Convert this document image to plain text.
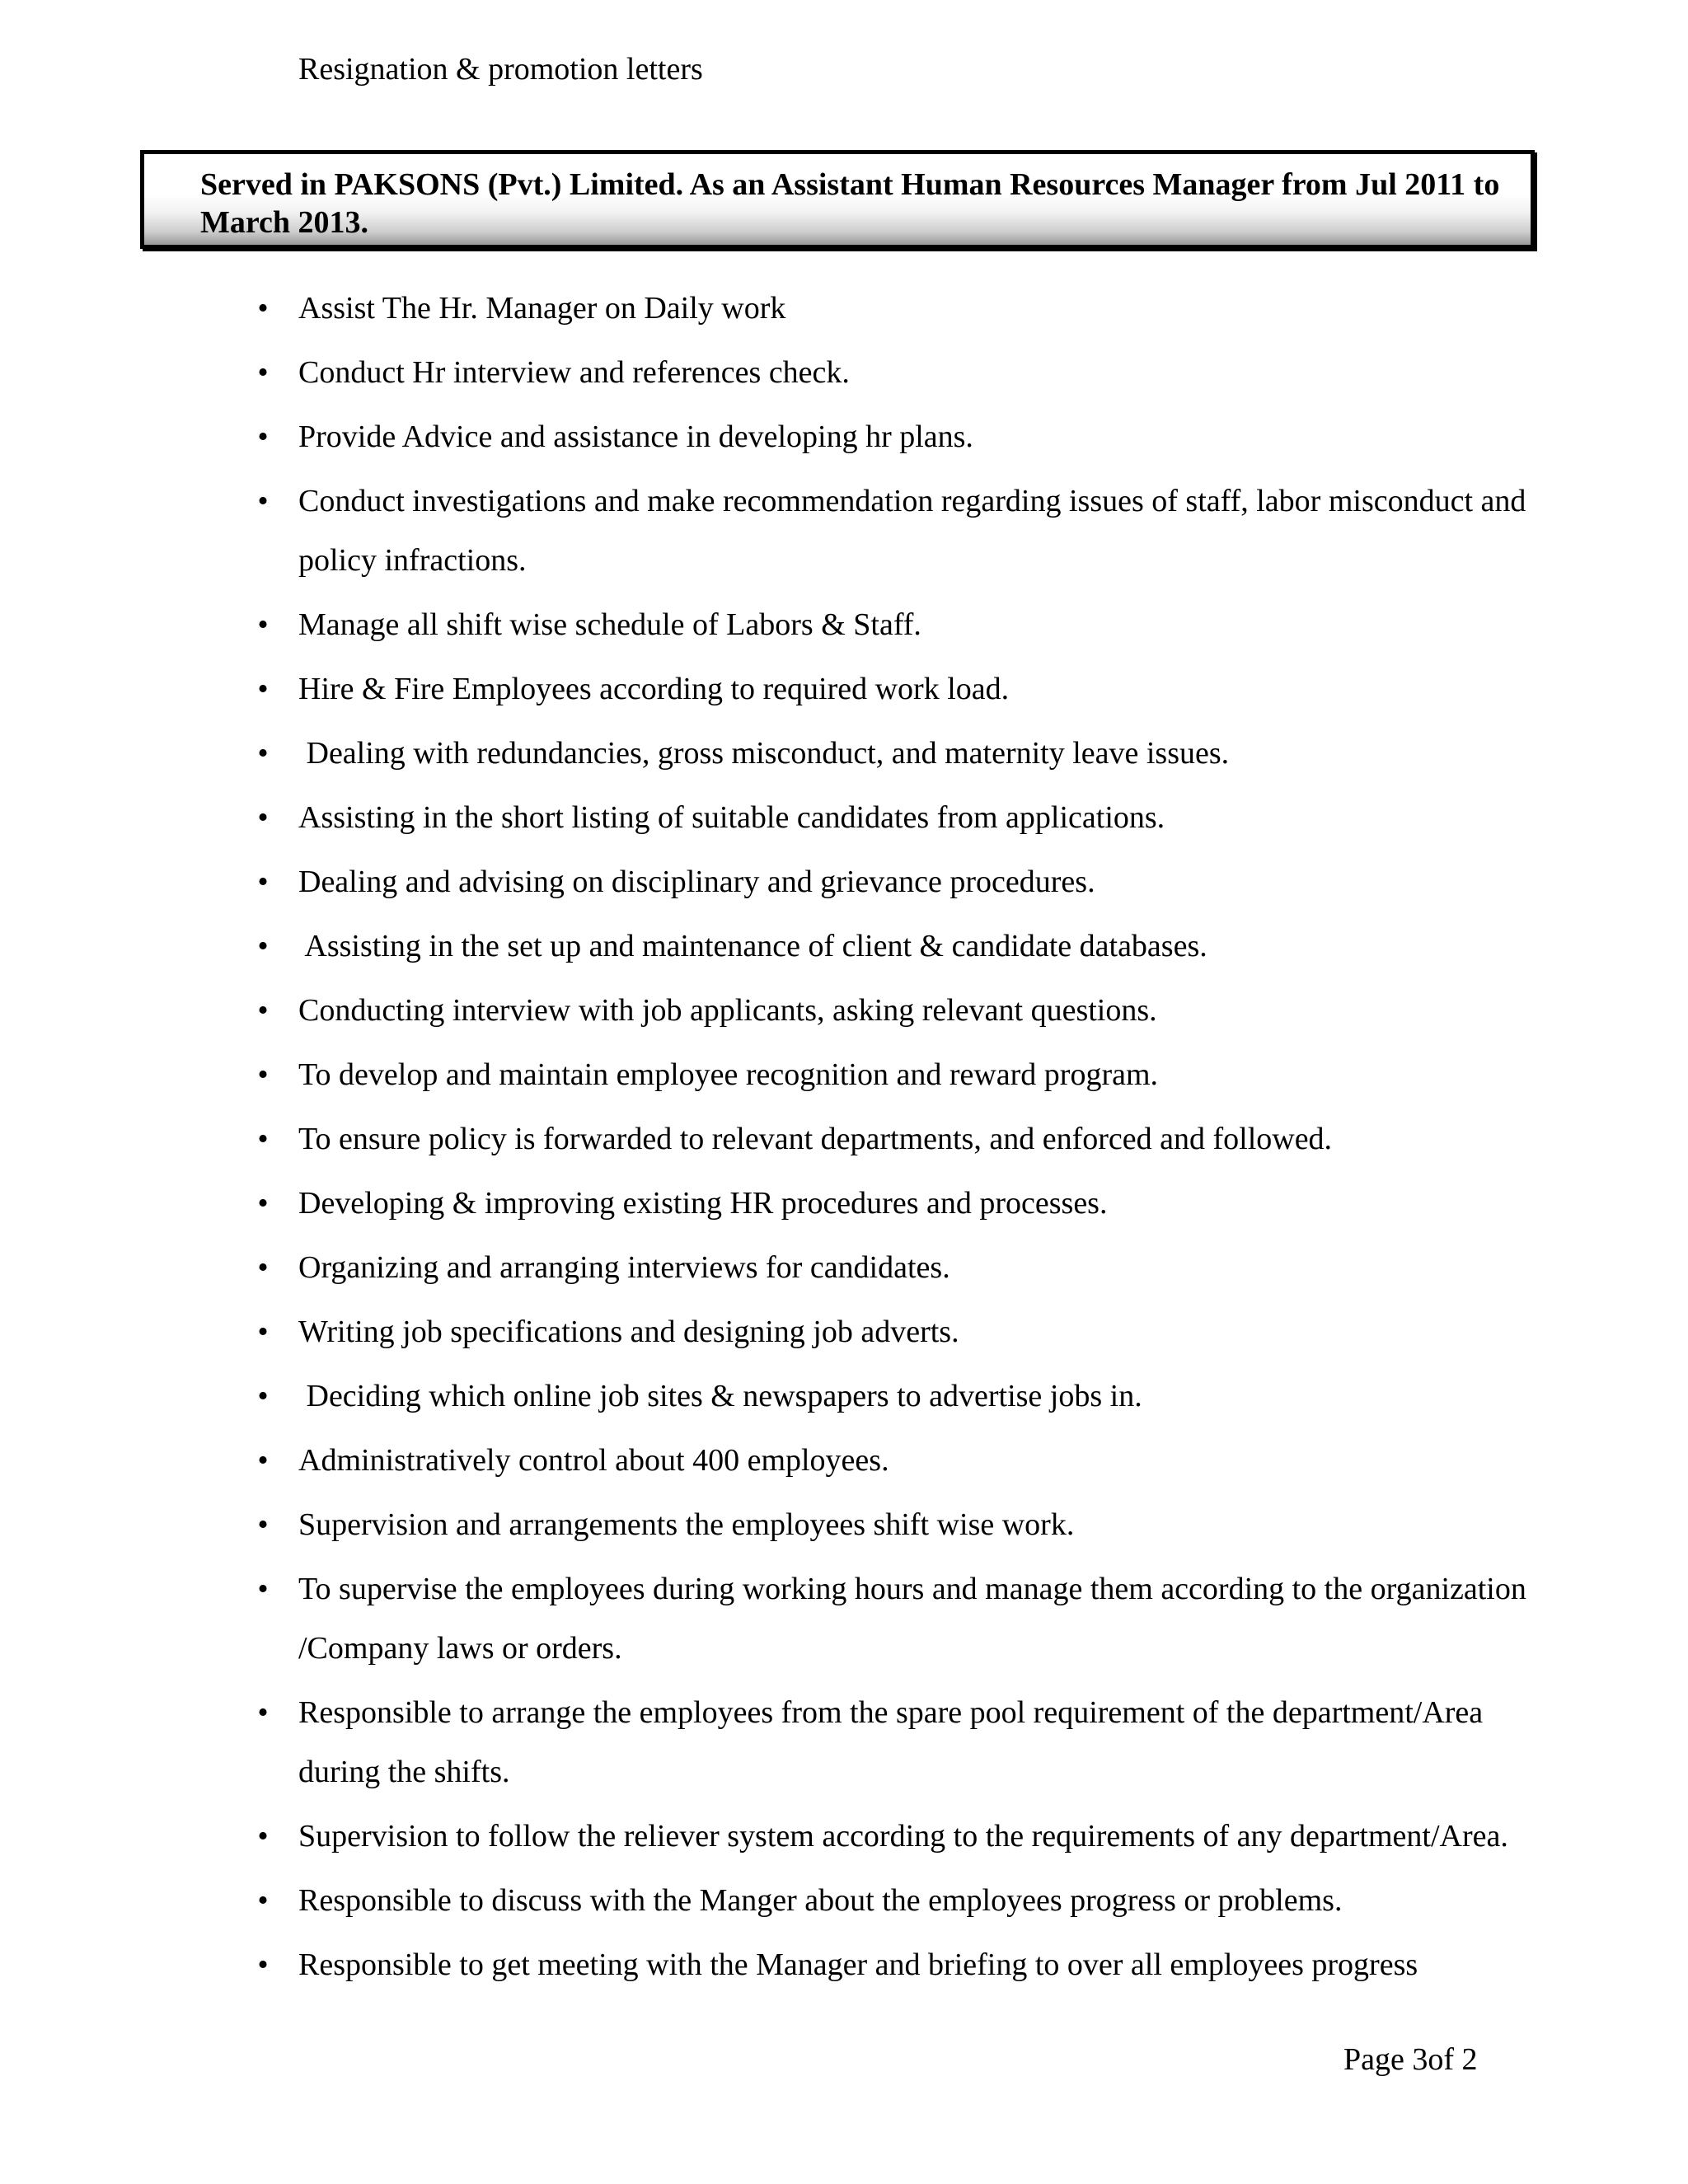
Resignation & promotion letters
Served in PAKSONS (Pvt.) Limited. As an Assistant Human Resources Manager from Jul 2011 to March 2013.
• Assist The Hr. Manager on Daily work
• Conduct Hr interview and references check.
• Provide Advice and assistance in developing hr plans.
• Conduct investigations and make recommendation regarding issues of staff, labor misconduct and policy infractions.
• Manage all shift wise schedule of Labors & Staff.
• Hire & Fire Employees according to required work load.
• Dealing with redundancies, gross misconduct, and maternity leave issues.
• Assisting in the short listing of suitable candidates from applications.
• Dealing and advising on disciplinary and grievance procedures.
• Assisting in the set up and maintenance of client & candidate databases.
• Conducting interview with job applicants, asking relevant questions.
• To develop and maintain employee recognition and reward program.
• To ensure policy is forwarded to relevant departments, and enforced and followed.
• Developing & improving existing HR procedures and processes.
• Organizing and arranging interviews for candidates.
• Writing job specifications and designing job adverts.
• Deciding which online job sites & newspapers to advertise jobs in.
• Administratively control about 400 employees.
• Supervision and arrangements the employees shift wise work.
• To supervise the employees during working hours and manage them according to the organization /Company laws or orders.
• Responsible to arrange the employees from the spare pool requirement of the department/Area during the shifts.
• Supervision to follow the reliever system according to the requirements of any department/Area.
• Responsible to discuss with the Manger about the employees progress or problems.
• Responsible to get meeting with the Manager and briefing to over all employees progress
Page 3of 2
